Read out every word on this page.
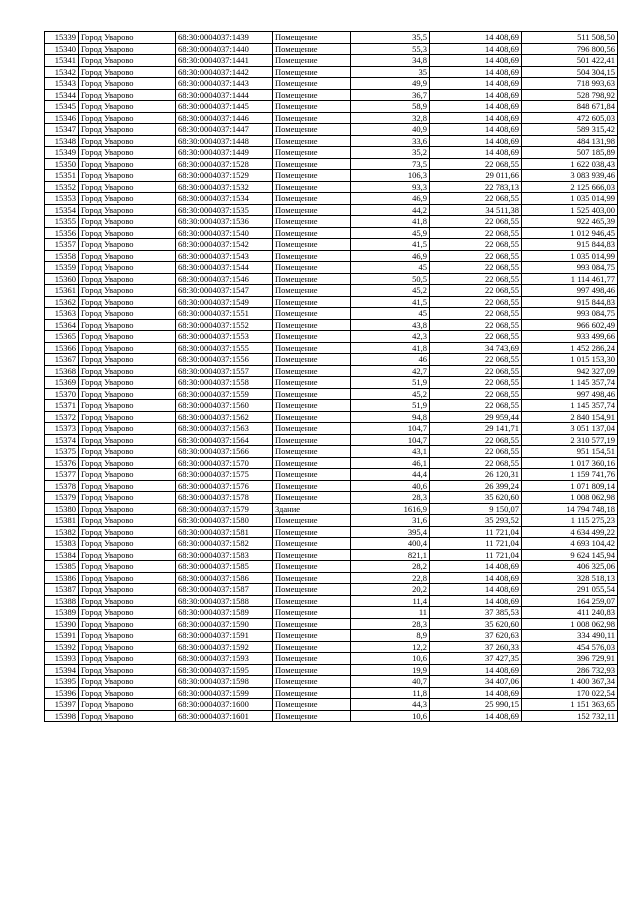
15339	Город Уварово	68:30:0004037:1439	Помещение	35,5	14 408,69	511 508,50
15340	Город Уварово	68:30:0004037:1440	Помещение	55,3	14 408,69	796 800,56
15341	Город Уварово	68:30:0004037:1441	Помещение	34,8	14 408,69	501 422,41
15342	Город Уварово	68:30:0004037:1442	Помещение	35	14 408,69	504 304,15
15343	Город Уварово	68:30:0004037:1443	Помещение	49,9	14 408,69	718 993,63
15344	Город Уварово	68:30:0004037:1444	Помещение	36,7	14 408,69	528 798,92
15345	Город Уварово	68:30:0004037:1445	Помещение	58,9	14 408,69	848 671,84
15346	Город Уварово	68:30:0004037:1446	Помещение	32,8	14 408,69	472 605,03
15347	Город Уварово	68:30:0004037:1447	Помещение	40,9	14 408,69	589 315,42
15348	Город Уварово	68:30:0004037:1448	Помещение	33,6	14 408,69	484 131,98
15349	Город Уварово	68:30:0004037:1449	Помещение	35,2	14 408,69	507 185,89
15350	Город Уварово	68:30:0004037:1528	Помещение	73,5	22 068,55	1 622 038,43
15351	Город Уварово	68:30:0004037:1529	Помещение	106,3	29 011,66	3 083 939,46
15352	Город Уварово	68:30:0004037:1532	Помещение	93,3	22 783,13	2 125 666,03
15353	Город Уварово	68:30:0004037:1534	Помещение	46,9	22 068,55	1 035 014,99
15354	Город Уварово	68:30:0004037:1535	Помещение	44,2	34 511,38	1 525 403,00
15355	Город Уварово	68:30:0004037:1536	Помещение	41,8	22 068,55	922 465,39
15356	Город Уварово	68:30:0004037:1540	Помещение	45,9	22 068,55	1 012 946,45
15357	Город Уварово	68:30:0004037:1542	Помещение	41,5	22 068,55	915 844,83
15358	Город Уварово	68:30:0004037:1543	Помещение	46,9	22 068,55	1 035 014,99
15359	Город Уварово	68:30:0004037:1544	Помещение	45	22 068,55	993 084,75
15360	Город Уварово	68:30:0004037:1546	Помещение	50,5	22 068,55	1 114 461,77
15361	Город Уварово	68:30:0004037:1547	Помещение	45,2	22 068,55	997 498,46
15362	Город Уварово	68:30:0004037:1549	Помещение	41,5	22 068,55	915 844,83
15363	Город Уварово	68:30:0004037:1551	Помещение	45	22 068,55	993 084,75
15364	Город Уварово	68:30:0004037:1552	Помещение	43,8	22 068,55	966 602,49
15365	Город Уварово	68:30:0004037:1553	Помещение	42,3	22 068,55	933 499,66
15366	Город Уварово	68:30:0004037:1555	Помещение	41,8	34 743,69	1 452 286,24
15367	Город Уварово	68:30:0004037:1556	Помещение	46	22 068,55	1 015 153,30
15368	Город Уварово	68:30:0004037:1557	Помещение	42,7	22 068,55	942 327,09
15369	Город Уварово	68:30:0004037:1558	Помещение	51,9	22 068,55	1 145 357,74
15370	Город Уварово	68:30:0004037:1559	Помещение	45,2	22 068,55	997 498,46
15371	Город Уварово	68:30:0004037:1560	Помещение	51,9	22 068,55	1 145 357,74
15372	Город Уварово	68:30:0004037:1562	Помещение	94,8	29 959,44	2 840 154,91
15373	Город Уварово	68:30:0004037:1563	Помещение	104,7	29 141,71	3 051 137,04
15374	Город Уварово	68:30:0004037:1564	Помещение	104,7	22 068,55	2 310 577,19
15375	Город Уварово	68:30:0004037:1566	Помещение	43,1	22 068,55	951 154,51
15376	Город Уварово	68:30:0004037:1570	Помещение	46,1	22 068,55	1 017 360,16
15377	Город Уварово	68:30:0004037:1575	Помещение	44,4	26 120,31	1 159 741,76
15378	Город Уварово	68:30:0004037:1576	Помещение	40,6	26 399,24	1 071 809,14
15379	Город Уварово	68:30:0004037:1578	Помещение	28,3	35 620,60	1 008 062,98
15380	Город Уварово	68:30:0004037:1579	Здание	1616,9	9 150,07	14 794 748,18
15381	Город Уварово	68:30:0004037:1580	Помещение	31,6	35 293,52	1 115 275,23
15382	Город Уварово	68:30:0004037:1581	Помещение	395,4	11 721,04	4 634 499,22
15383	Город Уварово	68:30:0004037:1582	Помещение	400,4	11 721,04	4 693 104,42
15384	Город Уварово	68:30:0004037:1583	Помещение	821,1	11 721,04	9 624 145,94
15385	Город Уварово	68:30:0004037:1585	Помещение	28,2	14 408,69	406 325,06
15386	Город Уварово	68:30:0004037:1586	Помещение	22,8	14 408,69	328 518,13
15387	Город Уварово	68:30:0004037:1587	Помещение	20,2	14 408,69	291 055,54
15388	Город Уварово	68:30:0004037:1588	Помещение	11,4	14 408,69	164 259,07
15389	Город Уварово	68:30:0004037:1589	Помещение	11	37 385,53	411 240,83
15390	Город Уварово	68:30:0004037:1590	Помещение	28,3	35 620,60	1 008 062,98
15391	Город Уварово	68:30:0004037:1591	Помещение	8,9	37 620,63	334 490,11
15392	Город Уварово	68:30:0004037:1592	Помещение	12,2	37 260,33	454 576,03
15393	Город Уварово	68:30:0004037:1593	Помещение	10,6	37 427,35	396 729,91
15394	Город Уварово	68:30:0004037:1595	Помещение	19,9	14 408,69	286 732,93
15395	Город Уварово	68:30:0004037:1598	Помещение	40,7	34 407,06	1 400 367,34
15396	Город Уварово	68:30:0004037:1599	Помещение	11,8	14 408,69	170 022,54
15397	Город Уварово	68:30:0004037:1600	Помещение	44,3	25 990,15	1 151 363,65
15398	Город Уварово	68:30:0004037:1601	Помещение	10,6	14 408,69	152 732,11
